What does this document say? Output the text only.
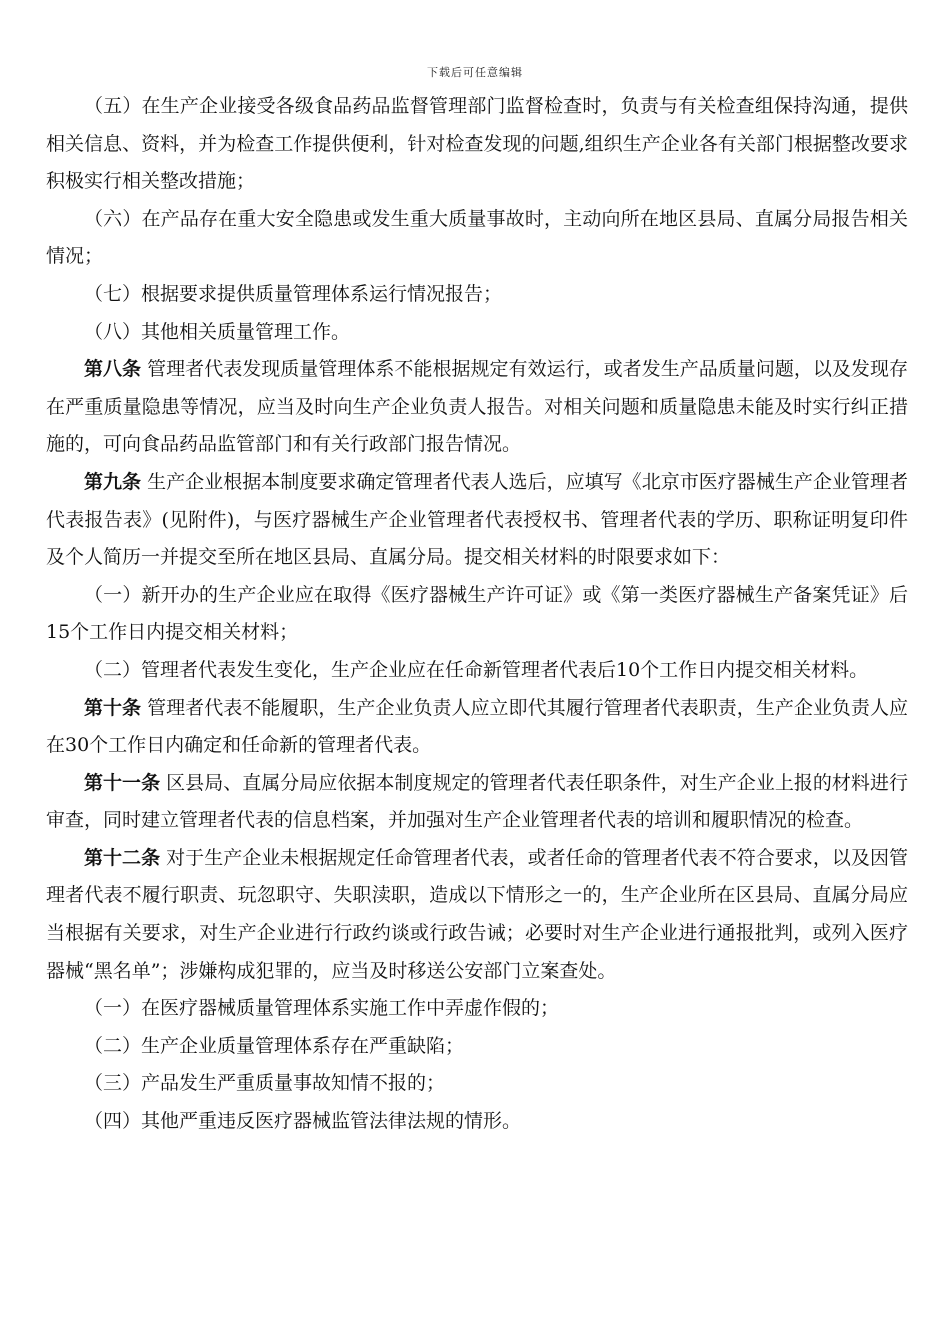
下载后可任意编辑

（五）在生产企业接受各级食品药品监督管理部门监督检查时，负责与有关检查组保持沟通，提供相关信息、资料，并为检查工作提供便利，针对检查发现的问题,组织生产企业各有关部门根据整改要求积极实行相关整改措施；

（六）在产品存在重大安全隐患或发生重大质量事故时，主动向所在地区县局、直属分局报告相关情况；

（七）根据要求提供质量管理体系运行情况报告；

（八）其他相关质量管理工作。

第八条 管理者代表发现质量管理体系不能根据规定有效运行，或者发生产品质量问题，以及发现存在严重质量隐患等情况，应当及时向生产企业负责人报告。对相关问题和质量隐患未能及时实行纠正措施的，可向食品药品监管部门和有关行政部门报告情况。

第九条 生产企业根据本制度要求确定管理者代表人选后，应填写《北京市医疗器械生产企业管理者代表报告表》(见附件)，与医疗器械生产企业管理者代表授权书、管理者代表的学历、职称证明复印件及个人简历一并提交至所在地区县局、直属分局。提交相关材料的时限要求如下：

（一）新开办的生产企业应在取得《医疗器械生产许可证》或《第一类医疗器械生产备案凭证》后15个工作日内提交相关材料；

（二）管理者代表发生变化，生产企业应在任命新管理者代表后10个工作日内提交相关材料。

第十条 管理者代表不能履职，生产企业负责人应立即代其履行管理者代表职责，生产企业负责人应在30个工作日内确定和任命新的管理者代表。

第十一条 区县局、直属分局应依据本制度规定的管理者代表任职条件，对生产企业上报的材料进行审查，同时建立管理者代表的信息档案，并加强对生产企业管理者代表的培训和履职情况的检查。

第十二条 对于生产企业未根据规定任命管理者代表，或者任命的管理者代表不符合要求，以及因管理者代表不履行职责、玩忽职守、失职渎职，造成以下情形之一的，生产企业所在区县局、直属分局应当根据有关要求，对生产企业进行行政约谈或行政告诫；必要时对生产企业进行通报批判，或列入医疗器械“黑名单”；涉嫌构成犯罪的，应当及时移送公安部门立案查处。

（一）在医疗器械质量管理体系实施工作中弄虚作假的；

（二）生产企业质量管理体系存在严重缺陷；

（三）产品发生严重质量事故知情不报的；

（四）其他严重违反医疗器械监管法律法规的情形。
